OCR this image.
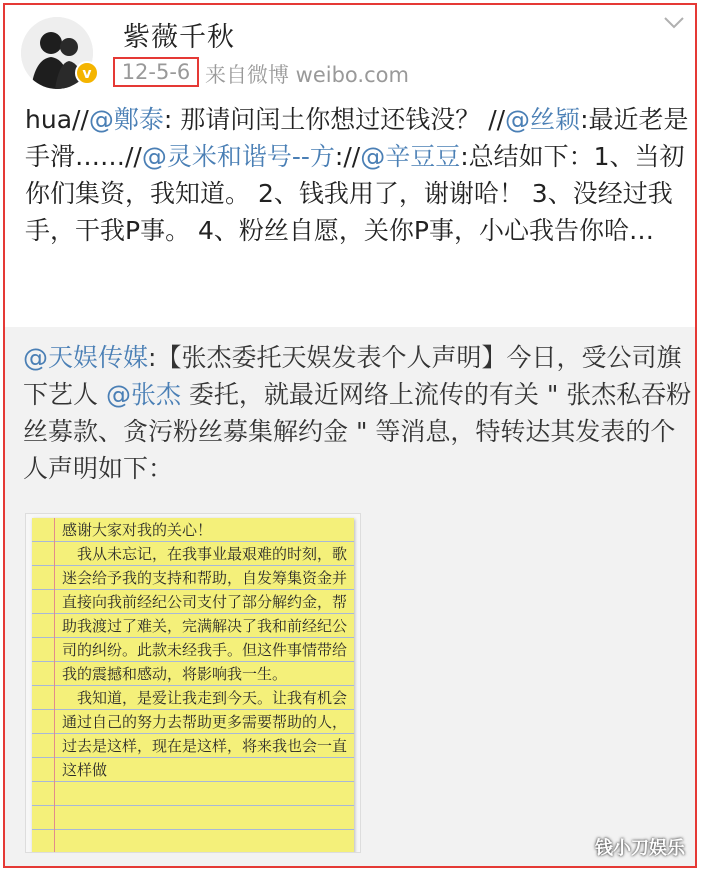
v
紫薇千秋
12-5-6 来自微博 weibo.com

hua//@鄭泰: 那请问闰土你想过还钱没？ //@丝颖:最近老是手滑……//@灵米和谐号--方://@辛豆豆:总结如下：1、当初你们集资，我知道。 2、钱我用了，谢谢哈！ 3、没经过我手，干我P事。 4、粉丝自愿，关你P事，小心我告你哈…

@天娱传媒:【张杰委托天娱发表个人声明】今日，受公司旗下艺人 @张杰 委托，就最近网络上流传的有关 " 张杰私吞粉丝募款、贪污粉丝募集解约金 " 等消息，特转达其发表的个人声明如下：

感谢大家对我的关心！
　我从未忘记，在我事业最艰难的时刻，歌迷会给予我的支持和帮助，自发筹集资金并直接向我前经纪公司支付了部分解约金，帮助我渡过了难关，完满解决了我和前经纪公司的纠纷。此款未经我手。但这件事情带给我的震撼和感动，将影响我一生。
　我知道，是爱让我走到今天。让我有机会通过自己的努力去帮助更多需要帮助的人，过去是这样，现在是这样，将来我也会一直这样做

钱小刀娱乐
